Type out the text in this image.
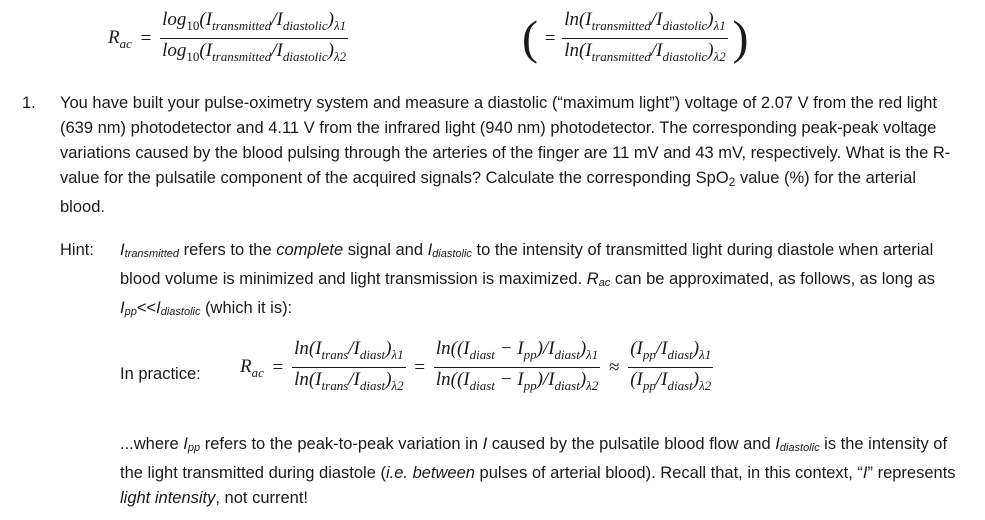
$R_{ac} = \frac{\log_{10}(I_{transmitted}/I_{diastolic})_{\lambda 1}}{\log_{10}(I_{transmitted}/I_{diastolic})_{\lambda 2}}$	( = $\frac{\ln(I_{transmitted}/I_{diastolic})_{\lambda 1}}{\ln(I_{transmitted}/I_{diastolic})_{\lambda 2}}$ )
1. You have built your pulse-oximetry system and measure a diastolic (“maximum light”) voltage of 2.07 V from the red light (639 nm) photodetector and 4.11 V from the infrared light (940 nm) photodetector. The corresponding peak-peak voltage variations caused by the blood pulsing through the arteries of the finger are 11 mV and 43 mV, respectively. What is the R-value for the pulsatile component of the acquired signals? Calculate the corresponding SpO$_2$ value (%) for the arterial blood.
Hint: Itransmitted refers to the complete signal and Idiastolic to the intensity of transmitted light during diastole when arterial blood volume is minimized and light transmission is maximized. Rac can be approximated, as follows, as long as Ipp<<Idiastolic (which it is):
In practice: $R_{ac} = \frac{\ln(I_{trans}/I_{diast})_{\lambda 1}}{\ln(I_{trans}/I_{diast})_{\lambda 2}} = \frac{\ln((I_{diast} - I_{pp})/I_{diast})_{\lambda 1}}{\ln((I_{diast} - I_{pp})/I_{diast})_{\lambda 2}} \approx \frac{(I_{pp}/I_{diast})_{\lambda 1}}{(I_{pp}/I_{diast})_{\lambda 2}}$
...where Ipp refers to the peak-to-peak variation in I caused by the pulsatile blood flow and Idiastolic is the intensity of the light transmitted during diastole (i.e. between pulses of arterial blood). Recall that, in this context, “I” represents light intensity, not current!
